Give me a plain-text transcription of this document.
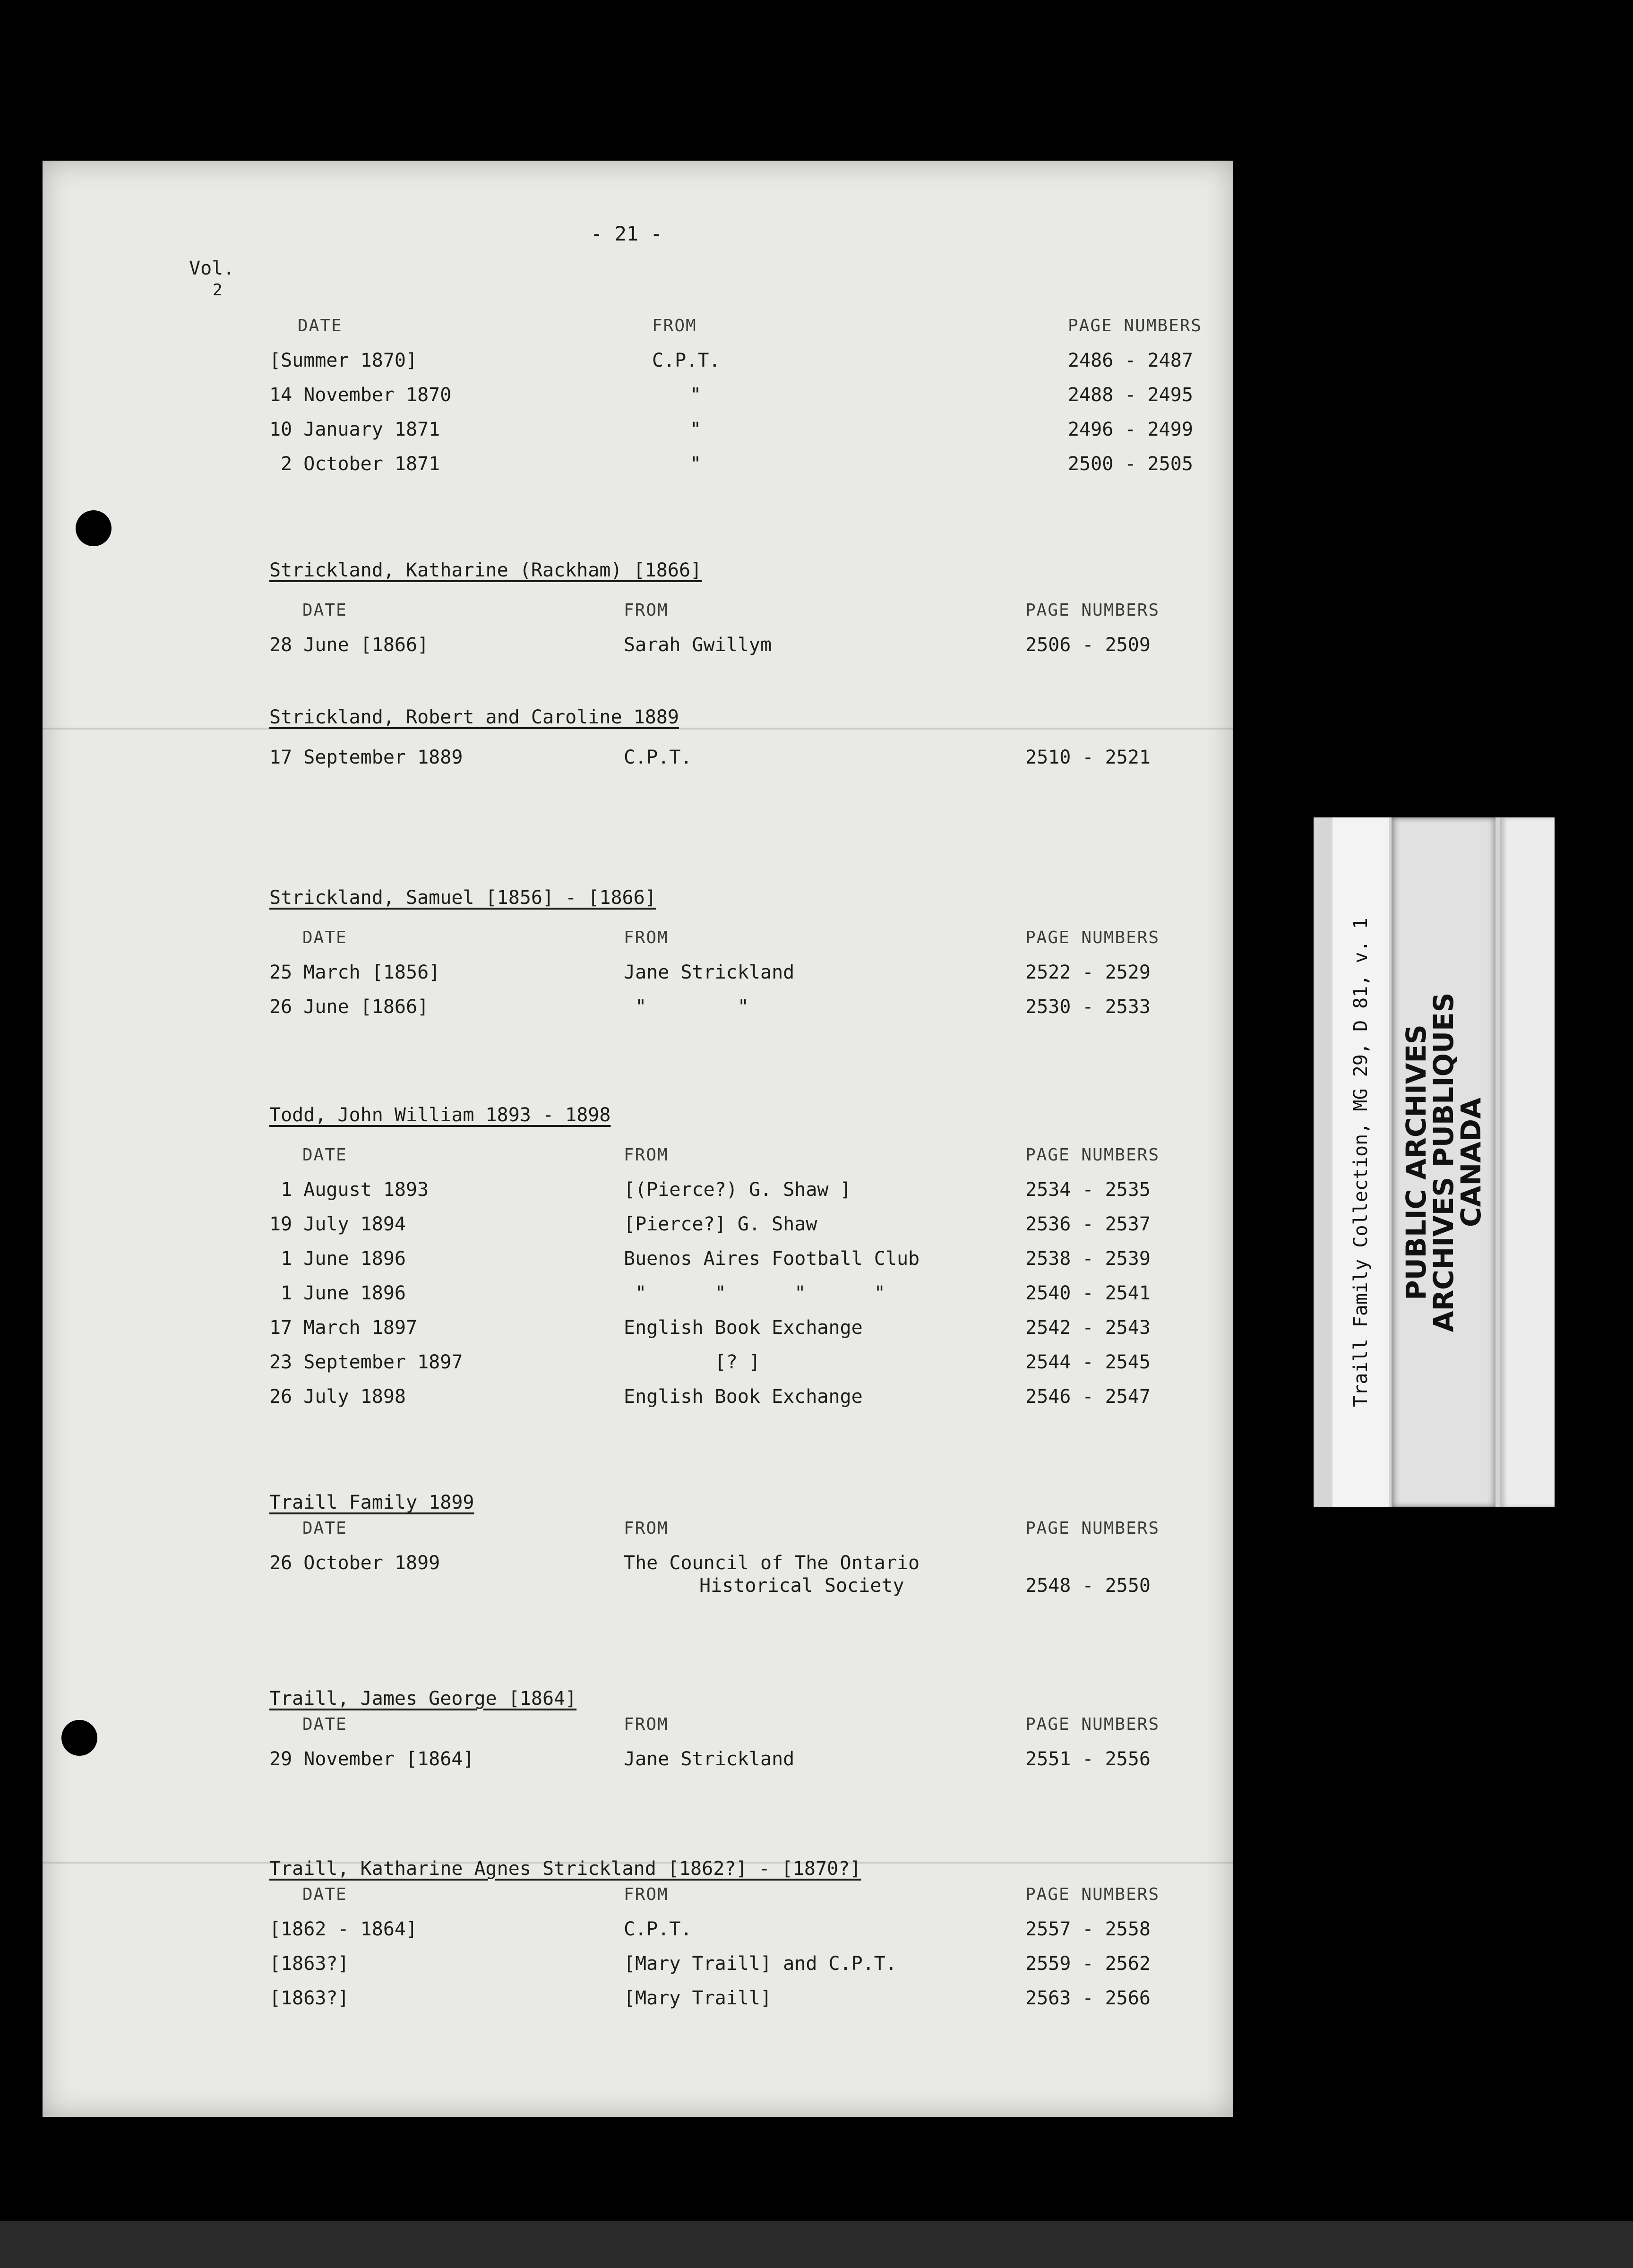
- 21 -
Vol.
2
DATE	FROM	PAGE NUMBERS
[Summer 1870]	C.P.T.	2486 - 2487
14 November 1870	"	2488 - 2495
10 January 1871	"	2496 - 2499
2 October 1871	"	2500 - 2505
Strickland, Katharine (Rackham) [1866]
DATE	FROM	PAGE NUMBERS
28 June [1866]	Sarah Gwillym	2506 - 2509
Strickland, Robert and Caroline 1889
17 September 1889	C.P.T.	2510 - 2521
Strickland, Samuel [1856] - [1866]
DATE	FROM	PAGE NUMBERS
25 March [1856]	Jane Strickland	2522 - 2529
26 June [1866]	"        "	2530 - 2533
Todd, John William 1893 - 1898
DATE	FROM	PAGE NUMBERS
1 August 1893	[(Pierce?) G. Shaw ]	2534 - 2535
19 July 1894	[Pierce?] G. Shaw	2536 - 2537
1 June 1896	Buenos Aires Football Club	2538 - 2539
1 June 1896	"      "      "      "	2540 - 2541
17 March 1897	English Book Exchange	2542 - 2543
23 September 1897	[? ]	2544 - 2545
26 July 1898	English Book Exchange	2546 - 2547
Traill Family 1899
DATE	FROM	PAGE NUMBERS
26 October 1899	The Council of The Ontario
Historical Society	2548 - 2550
Traill, James George [1864]
DATE	FROM	PAGE NUMBERS
29 November [1864]	Jane Strickland	2551 - 2556
Traill, Katharine Agnes Strickland [1862?] - [1870?]
DATE	FROM	PAGE NUMBERS
[1862 - 1864]	C.P.T.	2557 - 2558
[1863?]	[Mary Traill] and C.P.T.	2559 - 2562
[1863?]	[Mary Traill]	2563 - 2566
Traill Family Collection, MG 29, D 81, v. 1 PUBLIC ARCHIVES
ARCHIVES PUBLIQUES
CANADA
